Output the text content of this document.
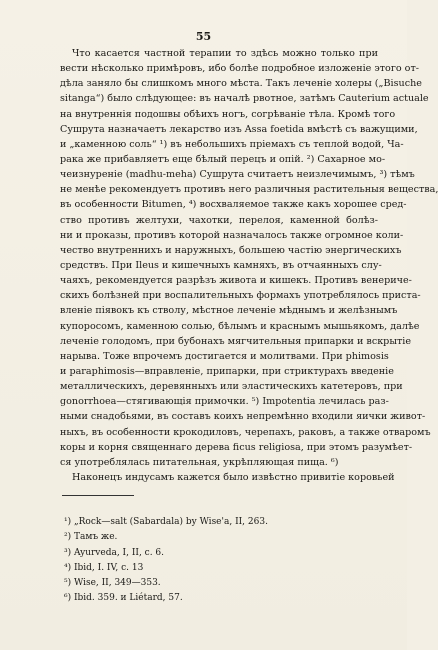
55
Что касается частной терапии то здѣсь можно только при
вести нѣсколько примѣровъ, ибо болѣе подробное изложеніе этого от-
дѣла заняло бы слишкомъ много мѣста. Такъ леченіе холеры („Bisuche
sitanga“) было слѣдующее: въ началѣ рвотное, затѣмъ Cauterium actuale
на внутреннія подошвы обѣихъ ногъ, согрѣваніе тѣла. Кромѣ того
Сушрута назначаетъ лекарство изъ Assa foetida вмѣстѣ съ важущими,
и „каменною соль“ ¹) въ небольшихъ пріемахъ съ теплой водой, Ча-
рака же прибавляетъ еще бѣлый перецъ и опій. ²) Сахарное мо-
чеизнуреніе (madhu-meha) Сушрута считаетъ неизлечимымъ, ³) тѣмъ
не менѣе рекомендуетъ противъ него различныя растительныя вещества,
въ особенности Bitumen, ⁴) восхваляемое также какъ хорошее сред-
ство противъ желтухи, чахотки, перелоя, каменной болѣз-
ни и проказы, противъ которой назначалось также огромное коли-
чество внутреннихъ и наружныхъ, большею частію энергическихъ
средствъ. При Ileus и кишечныхъ камняхъ, въ отчаянныхъ слу-
чаяхъ, рекомендуется разрѣзъ живота и кишекъ. Противъ венериче-
скихъ болѣзней при воспалительныхъ формахъ употреблялось приста-
вленіе піявокъ къ стволу, мѣстное леченіе мѣднымъ и желѣзнымъ
купоросомъ, каменною солью, бѣлымъ и краснымъ мышьякомъ, далѣе
леченіе голодомъ, при бубонахъ мягчительныя припарки и вскрытіе
нарыва. Тоже впрочемъ достигается и молитвами. При phimosis
и paraphimosis—вправленіе, припарки, при стриктурахъ введеніе
металлическихъ, деревянныхъ или эластическихъ катетеровъ, при
gonorrhoea—стягивающія примочки. ⁵) Impotentia лечилась раз-
ными снадобьями, въ составъ коихъ непремѣнно входили яички живот-
ныхъ, въ особенности крокодиловъ, черепахъ, раковъ, а также отваромъ
коры и корня священнаго дерева ficus religiosa, при этомъ разумѣет-
ся употреблялась питательная, укрѣпляющая пища. ⁶)
Наконецъ индусамъ кажется было извѣстно привитіе коровьей
¹) „Rock—salt (Sabardala) by Wise'a, II, 263.
²) Тамъ же.
³) Ayurveda, I, II, с. 6.
⁴) Ibid, I. IV, с. 13
⁵) Wise, II, 349—353.
⁶) Ibid. 359. и Liétard, 57.
